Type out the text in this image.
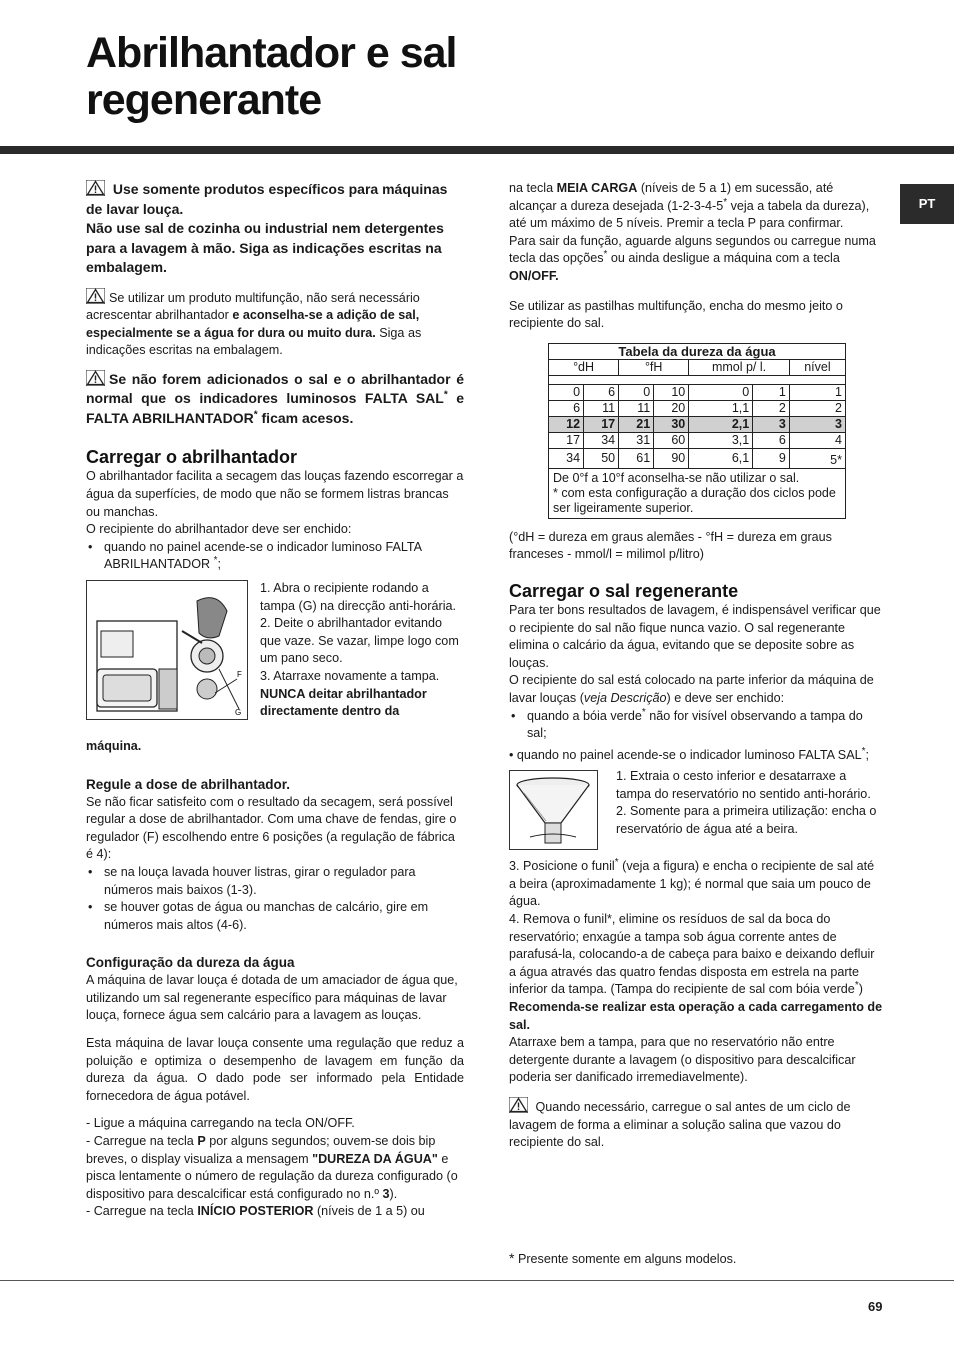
Abrilhantador e sal
regenerante
PT

Use somente produtos específicos para máquinas de lavar louça.
Não use sal de cozinha ou industrial nem detergentes para a lavagem à mão. Siga as indicações escritas na embalagem.

Se utilizar um produto multifunção, não será necessário acrescentar abrilhantador e aconselha-se a adição de sal, especialmente se a água for dura ou muito dura. Siga as indicações escritas na embalagem.

Se não forem adicionados o sal e o abrilhantador é normal que os indicadores luminosos FALTA SAL* e FALTA ABRILHANTADOR* ficam acesos.

Carregar o abrilhantador

O abrilhantador facilita a secagem das louças fazendo escorregar a água da superfícies, de modo que não se formem listras brancas ou manchas.

O recipiente do abrilhantador deve ser enchido:

• quando no painel acende-se o indicador luminoso FALTA ABRILHANTADOR *;

F
G

1. Abra o recipiente rodando a tampa (G) na direcção anti-horária.

2. Deite o abrilhantador evitando que vaze. Se vazar, limpe logo com um pano seco.

3. Atarraxe novamente a tampa.

NUNCA deitar abrilhantador directamente dentro da

máquina.

Regule a dose de abrilhantador.

Se não ficar satisfeito com o resultado da secagem, será possível regular a dose de abrilhantador. Com uma chave de fendas, gire o regulador (F) escolhendo entre 6 posições (a regulação de fábrica é 4):

• se na louça lavada houver listras, girar o regulador para números mais baixos (1-3).

• se houver gotas de água ou manchas de calcário, gire em números mais altos (4-6).

Configuração da dureza da água

A máquina de lavar louça é dotada de um amaciador de água que, utilizando um sal regenerante específico para máquinas de lavar louça, fornece água sem calcário para a lavagem as louças.

Esta máquina de lavar louça consente uma regulação que reduz a poluição e optimiza o desempenho de lavagem em função da dureza da água. O dado pode ser informado pela Entidade fornecedora de água potável.

- Ligue a máquina carregando na tecla ON/OFF.

- Carregue na tecla P por alguns segundos; ouvem-se dois bip breves, o display visualiza a mensagem "DUREZA DA ÁGUA" e pisca lentamente o número de regulação da dureza configurado (o dispositivo para descalcificar está configurado no n.º 3).

- Carregue na tecla INÍCIO POSTERIOR (níveis de 1 a 5) ou

na tecla MEIA CARGA (níveis de 5 a 1) em sucessão, até alcançar a dureza desejada (1-2-3-4-5* veja a tabela da dureza), até um máximo de 5 níveis. Premir a tecla P para confirmar.

Para sair da função, aguarde alguns segundos ou carregue numa tecla das opções* ou ainda desligue a máquina com a tecla ON/OFF.

Se utilizar as pastilhas multifunção, encha do mesmo jeito o recipiente do sal.

Tabela da dureza da água						
°dH		°fH		mmol p/ l.		nível

0	6	0	10	0	1	1
6	11	11	20	1,1	2	2
12	17	21	30	2,1	3	3
17	34	31	60	3,1	6	4
34	50	61	90	6,1	9	5*

De 0°f a 10°f aconselha-se não utilizar o sal.
* com esta configuração a duração dos ciclos pode ser ligeiramente superior.						

(°dH = dureza em graus alemães - °fH = dureza em graus franceses - mmol/l = milimol p/litro)

Carregar o sal regenerante

Para ter bons resultados de lavagem, é indispensável verificar que o recipiente do sal não fique nunca vazio. O sal regenerante elimina o calcário da água, evitando que se deposite sobre as louças.

O recipiente do sal está colocado na parte inferior da máquina de lavar louças (veja Descrição) e deve ser enchido:

• quando a bóia verde* não for visível observando a tampa do sal;

• quando no painel acende-se o indicador luminoso FALTA SAL*;

1. Extraia o cesto inferior e desatarraxe a tampa do reservatório no sentido anti-horário.

2. Somente para a primeira utilização: encha o reservatório de água até a beira.

3. Posicione o funil* (veja a figura) e encha o recipiente de sal até a beira (aproximadamente 1 kg); é normal que saia um pouco de água.

4. Remova o funil*, elimine os resíduos de sal da boca do reservatório; enxagúe a tampa sob água corrente antes de parafusá-la, colocando-a de cabeça para baixo e deixando defluir a água através das quatro fendas disposta em estrela na parte inferior da tampa. (Tampa do recipiente de sal com bóia verde*)

Recomenda-se realizar esta operação a cada carregamento de sal.

Atarraxe bem a tampa, para que no reservatório não entre detergente durante a lavagem (o dispositivo para descalcificar poderia ser danificado irremediavelmente).

Quando necessário, carregue o sal antes de um ciclo de lavagem de forma a eliminar a solução salina que vazou do recipiente do sal.

* Presente somente em alguns modelos.

69
